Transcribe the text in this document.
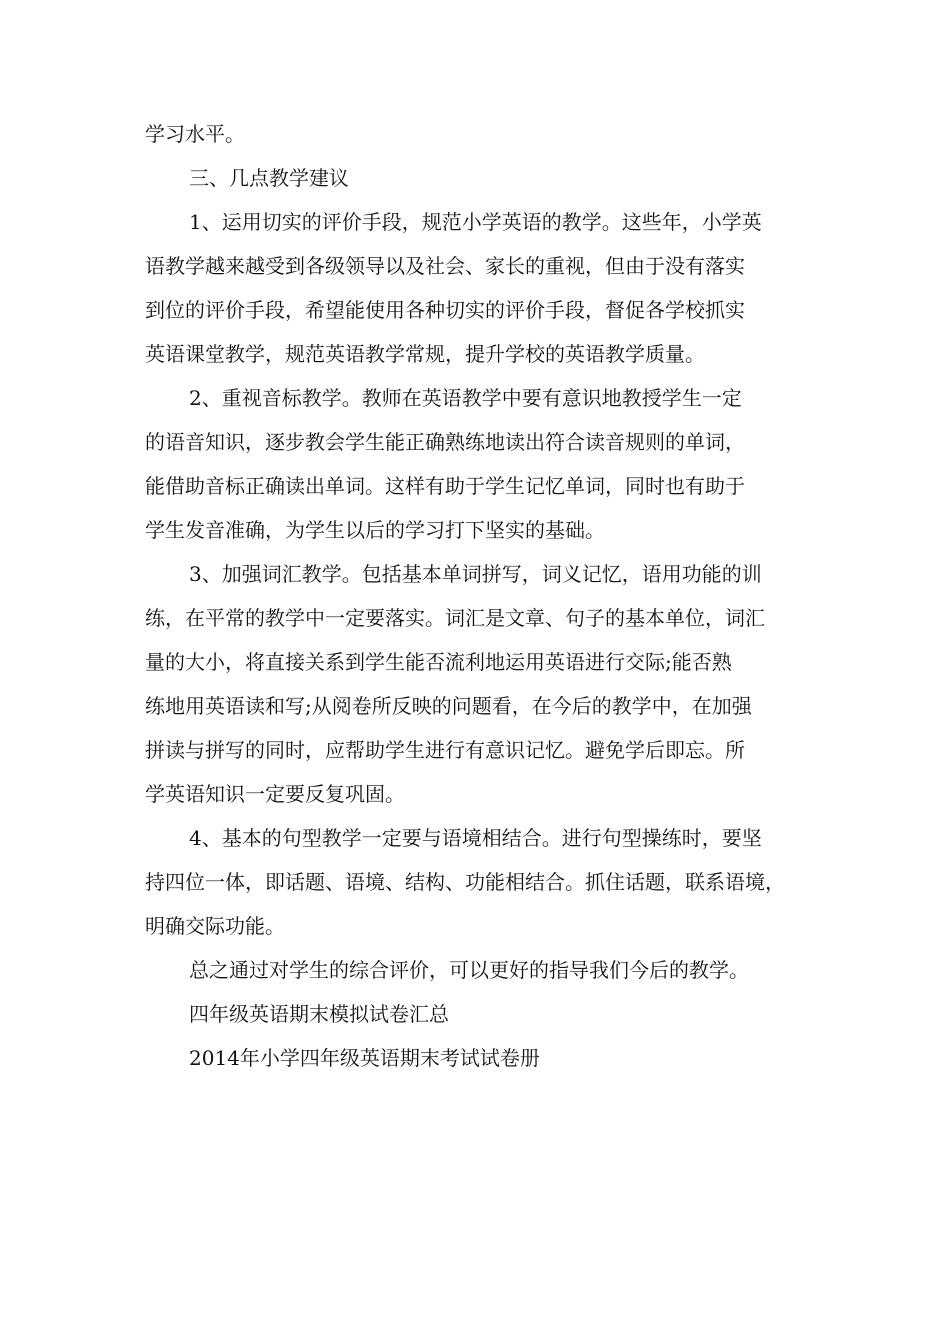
学习水平。

三、几点教学建议

1、运用切实的评价手段，规范小学英语的教学。这些年，小学英
语教学越来越受到各级领导以及社会、家长的重视，但由于没有落实
到位的评价手段，希望能使用各种切实的评价手段，督促各学校抓实
英语课堂教学，规范英语教学常规，提升学校的英语教学质量。

2、重视音标教学。教师在英语教学中要有意识地教授学生一定
的语音知识，逐步教会学生能正确熟练地读出符合读音规则的单词，
能借助音标正确读出单词。这样有助于学生记忆单词，同时也有助于
学生发音准确，为学生以后的学习打下坚实的基础。

3、加强词汇教学。包括基本单词拼写，词义记忆，语用功能的训
练，在平常的教学中一定要落实。词汇是文章、句子的基本单位，词汇
量的大小，将直接关系到学生能否流利地运用英语进行交际;能否熟
练地用英语读和写;从阅卷所反映的问题看，在今后的教学中，在加强
拼读与拼写的同时，应帮助学生进行有意识记忆。避免学后即忘。所
学英语知识一定要反复巩固。

4、基本的句型教学一定要与语境相结合。进行句型操练时，要坚
持四位一体，即话题、语境、结构、功能相结合。抓住话题，联系语境，
明确交际功能。

总之通过对学生的综合评价，可以更好的指导我们今后的教学。

四年级英语期末模拟试卷汇总

2014年小学四年级英语期末考试试卷册
